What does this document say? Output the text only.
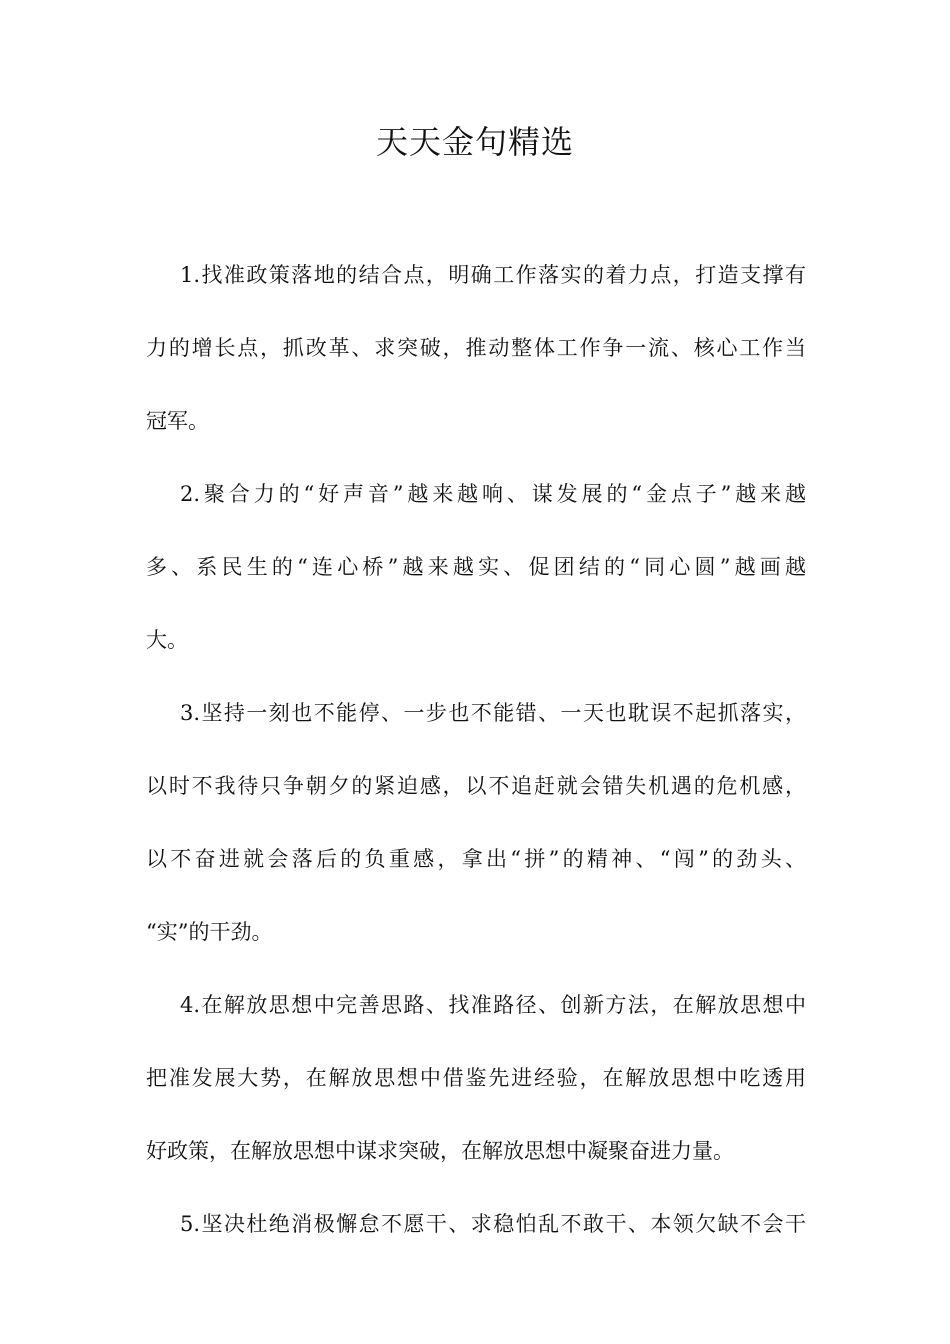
天天金句精选
1.找准政策落地的结合点，明确工作落实的着力点，打造支撑有
力的增长点，抓改革、求突破，推动整体工作争一流、核心工作当
冠军。
2.聚合力的“好声音”越来越响、谋发展的“金点子”越来越
多、系民生的“连心桥”越来越实、促团结的“同心圆”越画越
大。
3.坚持一刻也不能停、一步也不能错、一天也耽误不起抓落实，
以时不我待只争朝夕的紧迫感，以不追赶就会错失机遇的危机感，
以不奋进就会落后的负重感，拿出“拼”的精神、“闯”的劲头、
“实”的干劲。
4.在解放思想中完善思路、找准路径、创新方法，在解放思想中
把准发展大势，在解放思想中借鉴先进经验，在解放思想中吃透用
好政策，在解放思想中谋求突破，在解放思想中凝聚奋进力量。
5.坚决杜绝消极懈怠不愿干、求稳怕乱不敢干、本领欠缺不会干
